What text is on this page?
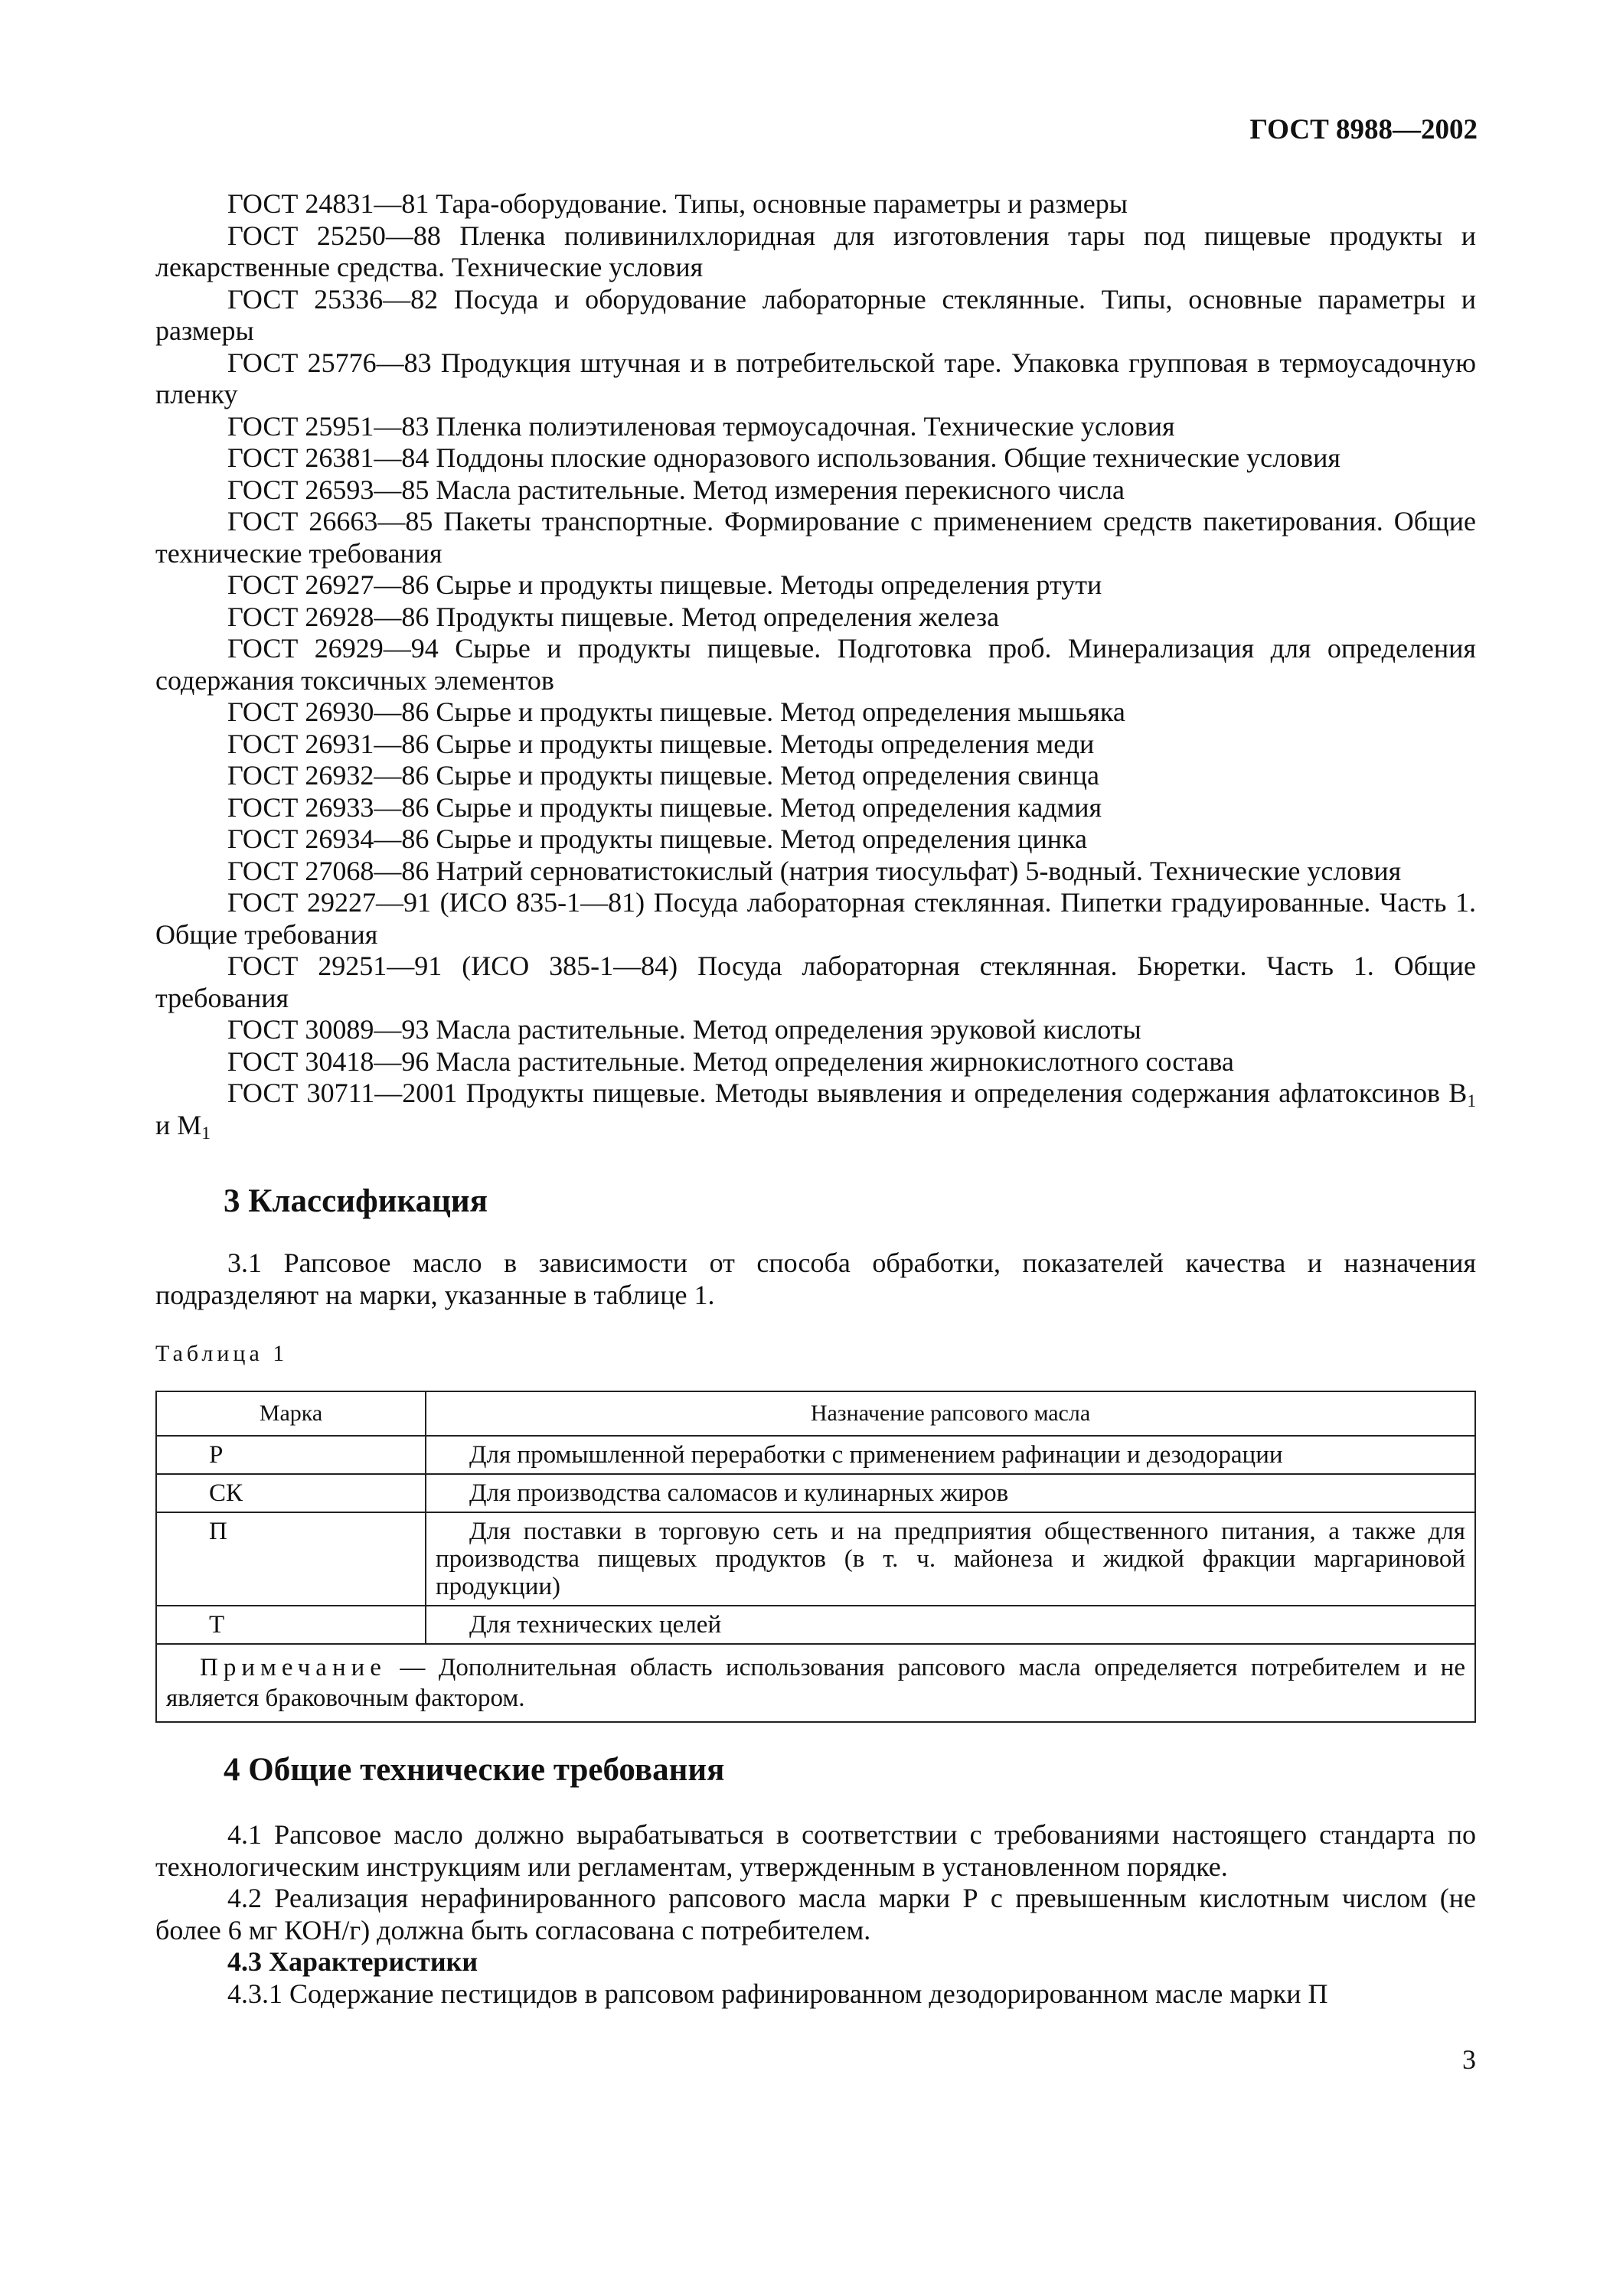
ГОСТ 8988—2002
ГОСТ 24831—81 Тара-оборудование. Типы, основные параметры и размеры
ГОСТ 25250—88 Пленка поливинилхлоридная для изготовления тары под пищевые продукты и лекарственные средства. Технические условия
ГОСТ 25336—82 Посуда и оборудование лабораторные стеклянные. Типы, основные параметры и размеры
ГОСТ 25776—83 Продукция штучная и в потребительской таре. Упаковка групповая в термоусадочную пленку
ГОСТ 25951—83 Пленка полиэтиленовая термоусадочная. Технические условия
ГОСТ 26381—84 Поддоны плоские одноразового использования. Общие технические условия
ГОСТ 26593—85 Масла растительные. Метод измерения перекисного числа
ГОСТ 26663—85 Пакеты транспортные. Формирование с применением средств пакетирования. Общие технические требования
ГОСТ 26927—86 Сырье и продукты пищевые. Методы определения ртути
ГОСТ 26928—86 Продукты пищевые. Метод определения железа
ГОСТ 26929—94 Сырье и продукты пищевые. Подготовка проб. Минерализация для определения содержания токсичных элементов
ГОСТ 26930—86 Сырье и продукты пищевые. Метод определения мышьяка
ГОСТ 26931—86 Сырье и продукты пищевые. Методы определения меди
ГОСТ 26932—86 Сырье и продукты пищевые. Метод определения свинца
ГОСТ 26933—86 Сырье и продукты пищевые. Метод определения кадмия
ГОСТ 26934—86 Сырье и продукты пищевые. Метод определения цинка
ГОСТ 27068—86 Натрий серноватистокислый (натрия тиосульфат) 5-водный. Технические условия
ГОСТ 29227—91 (ИСО 835-1—81) Посуда лабораторная стеклянная. Пипетки градуированные. Часть 1. Общие требования
ГОСТ 29251—91 (ИСО 385-1—84) Посуда лабораторная стеклянная. Бюретки. Часть 1. Общие требования
ГОСТ 30089—93 Масла растительные. Метод определения эруковой кислоты
ГОСТ 30418—96 Масла растительные. Метод определения жирнокислотного состава
ГОСТ 30711—2001 Продукты пищевые. Методы выявления и определения содержания афлатоксинов $B_1$ и $M_1$
3 Классификация
3.1 Рапсовое масло в зависимости от способа обработки, показателей качества и назначения подразделяют на марки, указанные в таблице 1.
Таблица 1
Марка	Назначение рапсового масла
Р	Для промышленной переработки с применением рафинации и дезодорации
СК	Для производства саломасов и кулинарных жиров
П	Для поставки в торговую сеть и на предприятия общественного питания, а также для производства пищевых продуктов (в т. ч. майонеза и жидкой фракции маргариновой продукции)
Т	Для технических целей
Примечание — Дополнительная область использования рапсового масла определяется потребителем и не является браковочным фактором.	
4 Общие технические требования
4.1 Рапсовое масло должно вырабатываться в соответствии с требованиями настоящего стандарта по технологическим инструкциям или регламентам, утвержденным в установленном порядке.
4.2 Реализация нерафинированного рапсового масла марки Р с превышенным кислотным числом (не более 6 мг КОН/г) должна быть согласована с потребителем.
4.3 Характеристики
4.3.1 Содержание пестицидов в рапсовом рафинированном дезодорированном масле марки П
3
